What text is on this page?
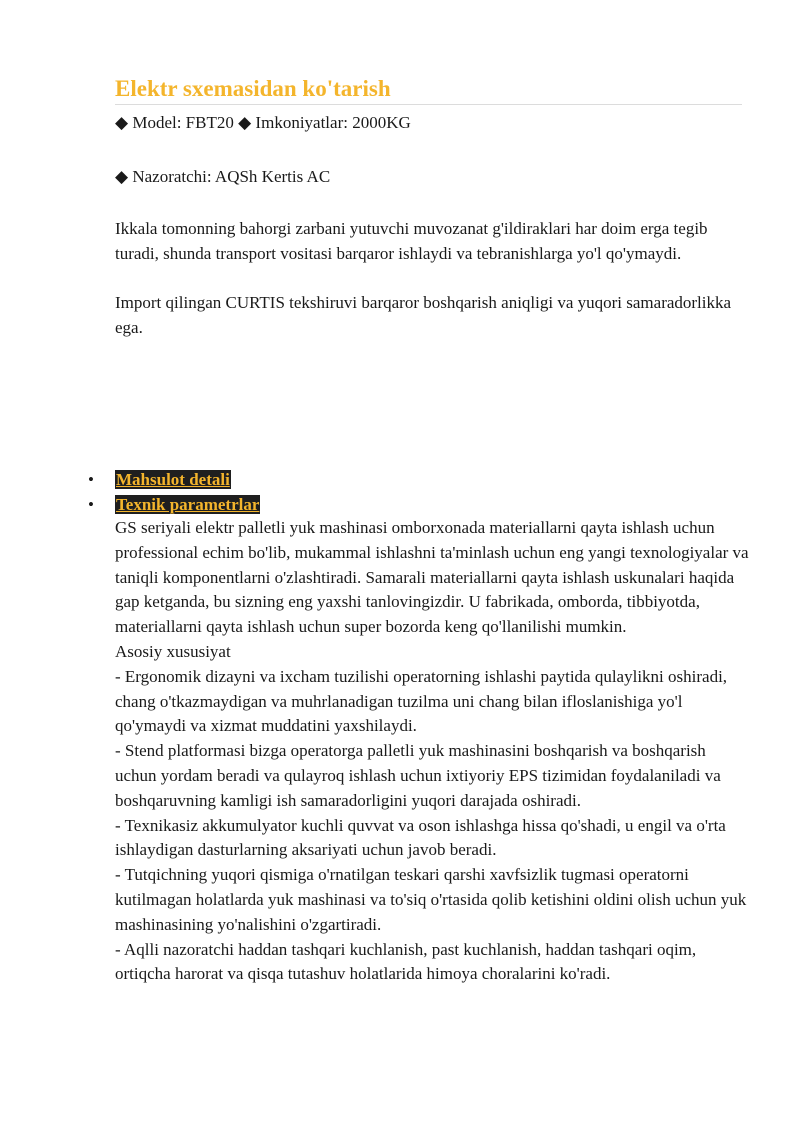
Elektr sxemasidan ko'tarish

◆ Model: FBT20 ◆ Imkoniyatlar: 2000KG

◆ Nazoratchi: AQSh Kertis AC

Ikkala tomonning bahorgi zarbani yutuvchi muvozanat g'ildiraklari har doim erga tegib turadi, shunda transport vositasi barqaror ishlaydi va tebranishlarga yo'l qo'ymaydi.

Import qilingan CURTIS tekshiruvi barqaror boshqarish aniqligi va yuqori samaradorlikka ega.

• Mahsulot detali
• Texnik parametrlar

GS seriyali elektr palletli yuk mashinasi omborxonada materiallarni qayta ishlash uchun professional echim bo'lib, mukammal ishlashni ta'minlash uchun eng yangi texnologiyalar va taniqli komponentlarni o'zlashtiradi. Samarali materiallarni qayta ishlash uskunalari haqida gap ketganda, bu sizning eng yaxshi tanlovingizdir. U fabrikada, omborda, tibbiyotda, materiallarni qayta ishlash uchun super bozorda keng qo'llanilishi mumkin.

Asosiy xususiyat

- Ergonomik dizayni va ixcham tuzilishi operatorning ishlashi paytida qulaylikni oshiradi, chang o'tkazmaydigan va muhrlanadigan tuzilma uni chang bilan ifloslanishiga yo'l qo'ymaydi va xizmat muddatini yaxshilaydi.

- Stend platformasi bizga operatorga palletli yuk mashinasini boshqarish va boshqarish uchun yordam beradi va qulayroq ishlash uchun ixtiyoriy EPS tizimidan foydalaniladi va boshqaruvning kamligi ish samaradorligini yuqori darajada oshiradi.

- Texnikasiz akkumulyator kuchli quvvat va oson ishlashga hissa qo'shadi, u engil va o'rta ishlaydigan dasturlarning aksariyati uchun javob beradi.

- Tutqichning yuqori qismiga o'rnatilgan teskari qarshi xavfsizlik tugmasi operatorni kutilmagan holatlarda yuk mashinasi va to'siq o'rtasida qolib ketishini oldini olish uchun yuk mashinasining yo'nalishini o'zgartiradi.

- Aqlli nazoratchi haddan tashqari kuchlanish, past kuchlanish, haddan tashqari oqim, ortiqcha harorat va qisqa tutashuv holatlarida himoya choralarini ko'radi.
